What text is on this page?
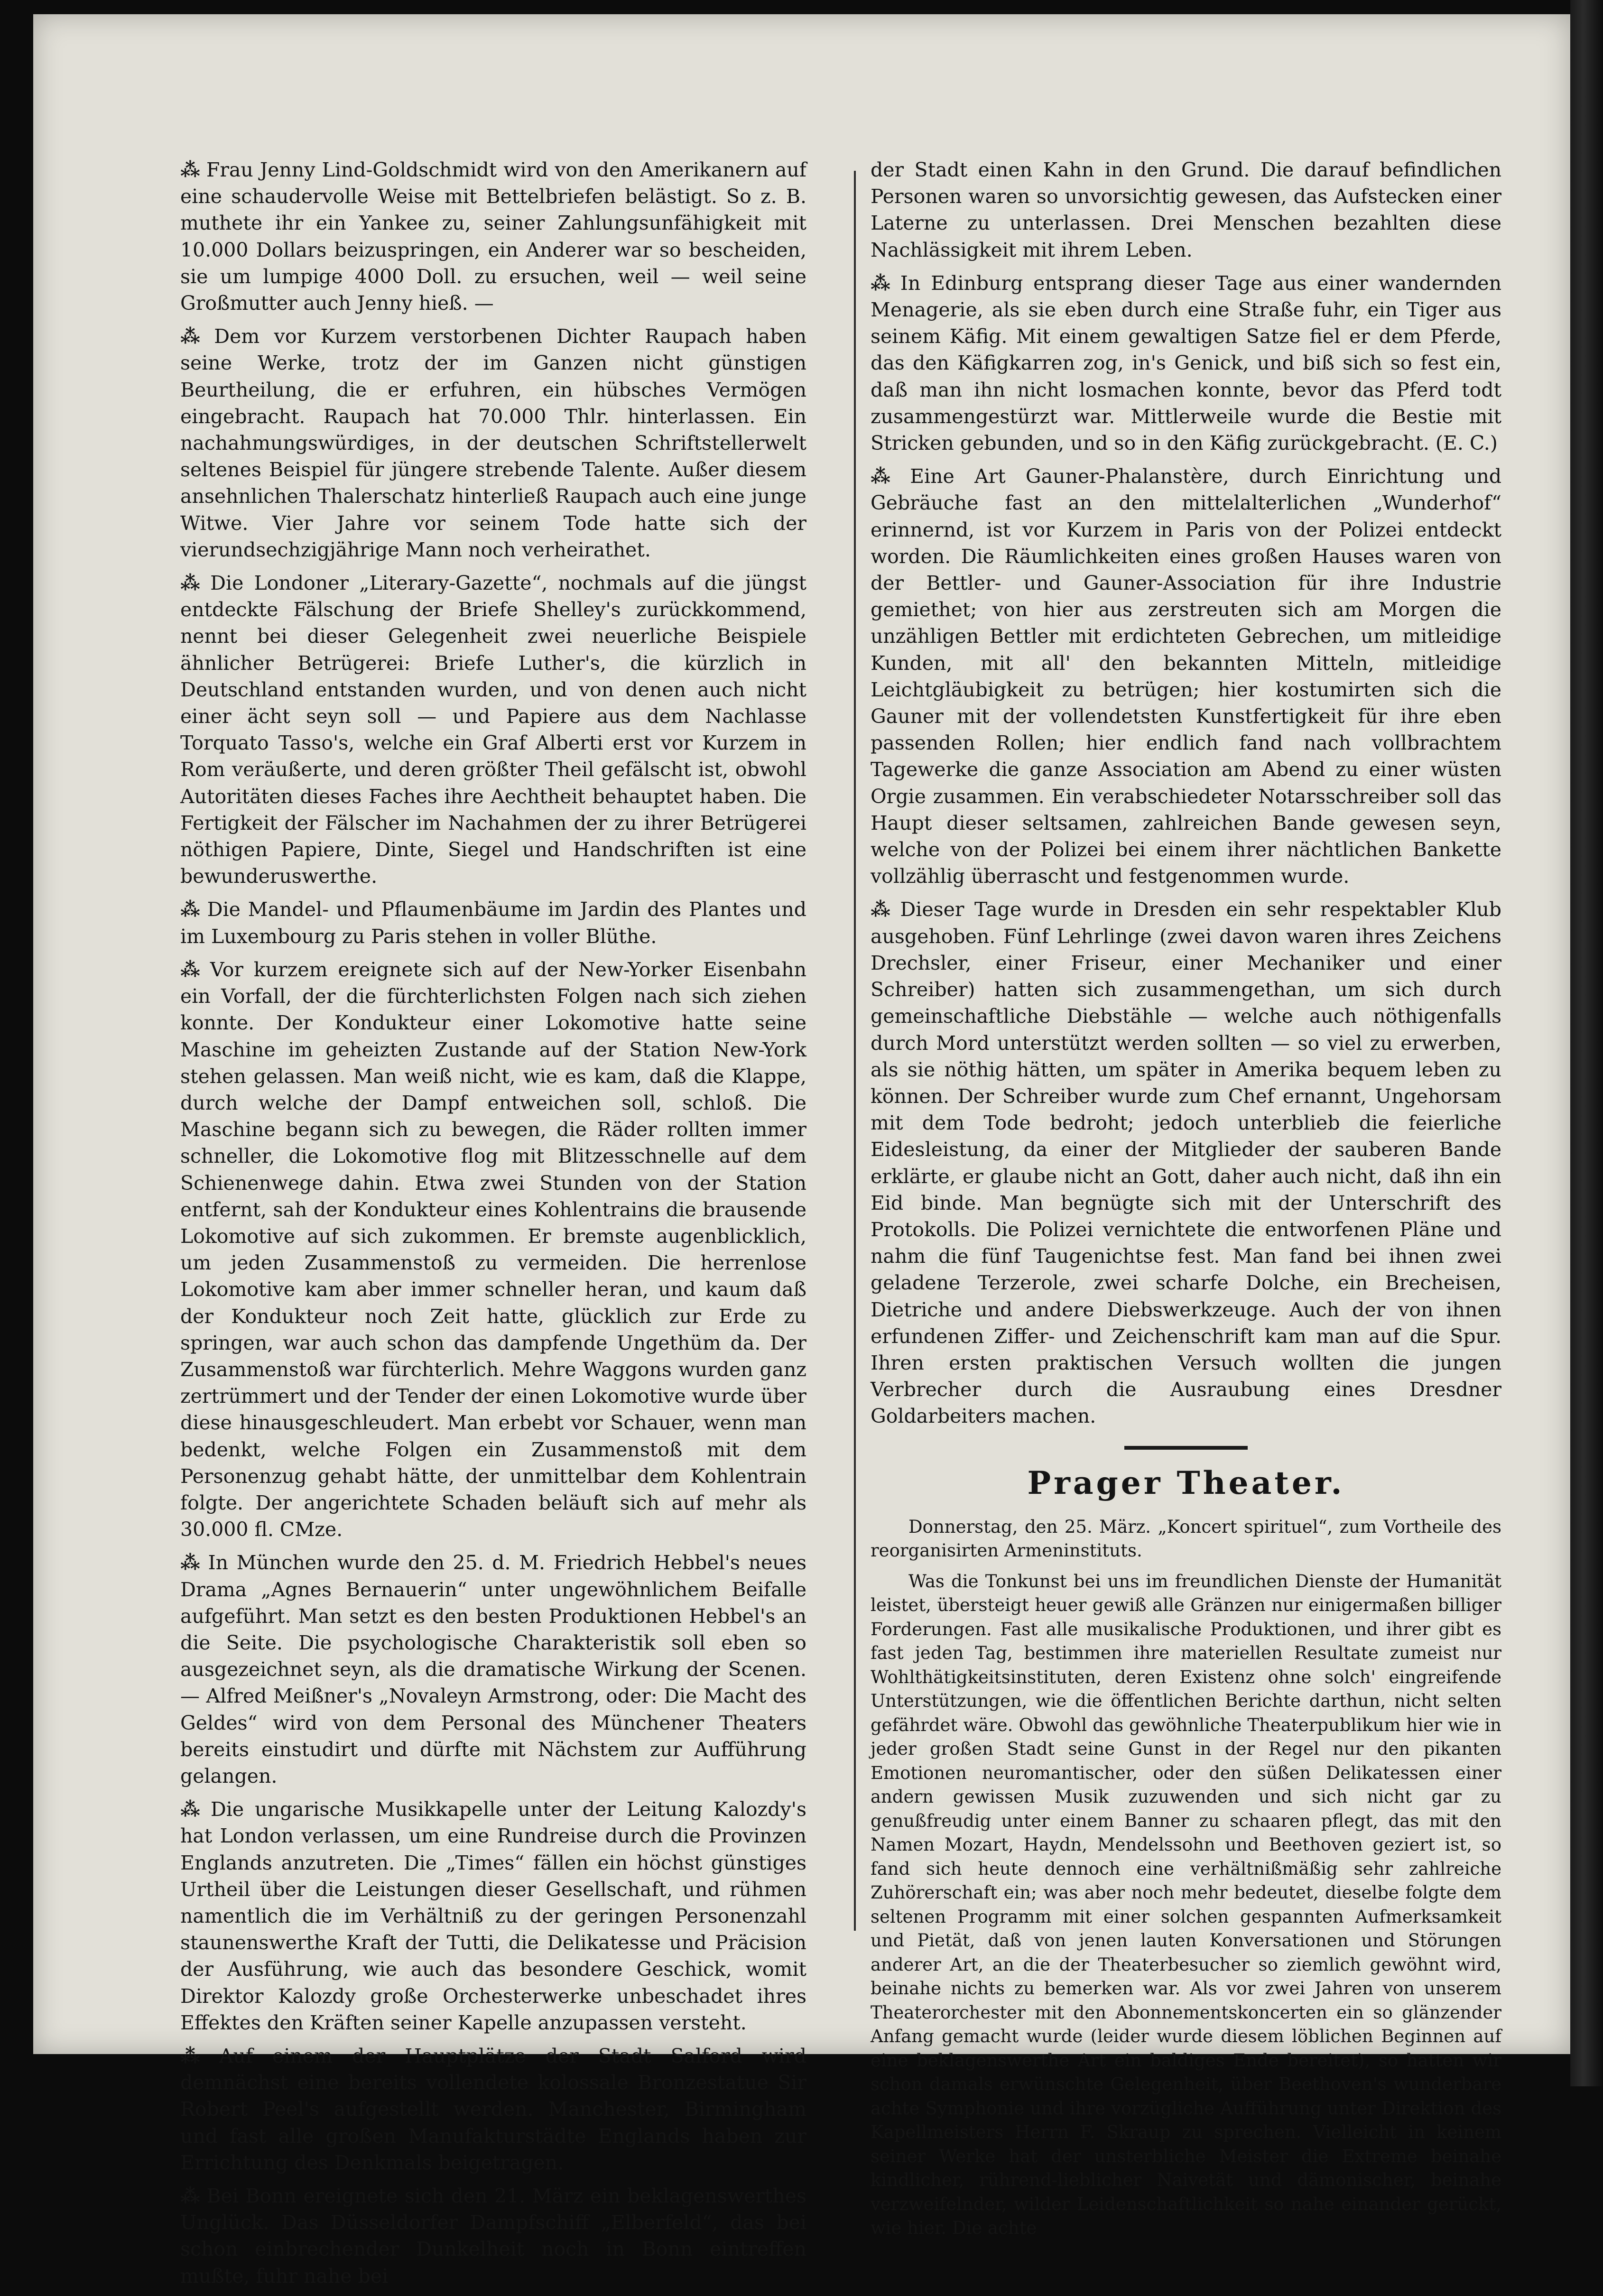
⁂ Frau Jenny Lind-Goldschmidt wird von den Amerikanern auf eine schaudervolle Weise mit Bettelbriefen belästigt. So z. B. muthete ihr ein Yankee zu, seiner Zahlungsunfähigkeit mit 10.000 Dollars beizuspringen, ein Anderer war so bescheiden, sie um lumpige 4000 Doll. zu ersuchen, weil — weil seine Großmutter auch Jenny hieß. —

⁂ Dem vor Kurzem verstorbenen Dichter Raupach haben seine Werke, trotz der im Ganzen nicht günstigen Beurtheilung, die er erfuhren, ein hübsches Vermögen eingebracht. Raupach hat 70.000 Thlr. hinterlassen. Ein nachahmungswürdiges, in der deutschen Schriftstellerwelt seltenes Beispiel für jüngere strebende Talente. Außer diesem ansehnlichen Thalerschatz hinterließ Raupach auch eine junge Witwe. Vier Jahre vor seinem Tode hatte sich der vierundsechzigjährige Mann noch verheirathet.

⁂ Die Londoner „Literary-Gazette“, nochmals auf die jüngst entdeckte Fälschung der Briefe Shelley's zurückkommend, nennt bei dieser Gelegenheit zwei neuerliche Beispiele ähnlicher Betrügerei: Briefe Luther's, die kürzlich in Deutschland entstanden wurden, und von denen auch nicht einer ächt seyn soll — und Papiere aus dem Nachlasse Torquato Tasso's, welche ein Graf Alberti erst vor Kurzem in Rom veräußerte, und deren größter Theil gefälscht ist, obwohl Autoritäten dieses Faches ihre Aechtheit behauptet haben. Die Fertigkeit der Fälscher im Nachahmen der zu ihrer Betrügerei nöthigen Papiere, Dinte, Siegel und Handschriften ist eine bewunderuswerthe.

⁂ Die Mandel- und Pflaumenbäume im Jardin des Plantes und im Luxembourg zu Paris stehen in voller Blüthe.

⁂ Vor kurzem ereignete sich auf der New-Yorker Eisenbahn ein Vorfall, der die fürchterlichsten Folgen nach sich ziehen konnte. Der Kondukteur einer Lokomotive hatte seine Maschine im geheizten Zustande auf der Station New-York stehen gelassen. Man weiß nicht, wie es kam, daß die Klappe, durch welche der Dampf entweichen soll, schloß. Die Maschine begann sich zu bewegen, die Räder rollten immer schneller, die Lokomotive flog mit Blitzesschnelle auf dem Schienenwege dahin. Etwa zwei Stunden von der Station entfernt, sah der Kondukteur eines Kohlentrains die brausende Lokomotive auf sich zukommen. Er bremste augenblicklich, um jeden Zusammenstoß zu vermeiden. Die herrenlose Lokomotive kam aber immer schneller heran, und kaum daß der Kondukteur noch Zeit hatte, glücklich zur Erde zu springen, war auch schon das dampfende Ungethüm da. Der Zusammenstoß war fürchterlich. Mehre Waggons wurden ganz zertrümmert und der Tender der einen Lokomotive wurde über diese hinausgeschleudert. Man erbebt vor Schauer, wenn man bedenkt, welche Folgen ein Zusammenstoß mit dem Personenzug gehabt hätte, der unmittelbar dem Kohlentrain folgte. Der angerichtete Schaden beläuft sich auf mehr als 30.000 fl. CMze.

⁂ In München wurde den 25. d. M. Friedrich Hebbel's neues Drama „Agnes Bernauerin“ unter ungewöhnlichem Beifalle aufgeführt. Man setzt es den besten Produktionen Hebbel's an die Seite. Die psychologische Charakteristik soll eben so ausgezeichnet seyn, als die dramatische Wirkung der Scenen. — Alfred Meißner's „Novaleyn Armstrong, oder: Die Macht des Geldes“ wird von dem Personal des Münchener Theaters bereits einstudirt und dürfte mit Nächstem zur Aufführung gelangen.

⁂ Die ungarische Musikkapelle unter der Leitung Kalozdy's hat London verlassen, um eine Rundreise durch die Provinzen Englands anzutreten. Die „Times“ fällen ein höchst günstiges Urtheil über die Leistungen dieser Gesellschaft, und rühmen namentlich die im Verhältniß zu der geringen Personenzahl staunenswerthe Kraft der Tutti, die Delikatesse und Präcision der Ausführung, wie auch das besondere Geschick, womit Direktor Kalozdy große Orchesterwerke unbeschadet ihres Effektes den Kräften seiner Kapelle anzupassen versteht.

⁂ Auf einem der Hauptplätze der Stadt Salford wird demnächst eine bereits vollendete kolossale Bronzestatue Sir Robert Peel's aufgestellt werden. Manchester, Birmingham und fast alle großen Manufakturstädte Englands haben zur Errichtung des Denkmals beigetragen.

⁂ Bei Bonn ereignete sich den 21. März ein beklagenswerthes Unglück. Das Düsseldorfer Dampfschiff „Elberfeld“, das bei schon einbrechender Dunkelheit noch in Bonn eintreffen mußte, fuhr nahe bei

der Stadt einen Kahn in den Grund. Die darauf befindlichen Personen waren so unvorsichtig gewesen, das Aufstecken einer Laterne zu unterlassen. Drei Menschen bezahlten diese Nachlässigkeit mit ihrem Leben.

⁂ In Edinburg entsprang dieser Tage aus einer wandernden Menagerie, als sie eben durch eine Straße fuhr, ein Tiger aus seinem Käfig. Mit einem gewaltigen Satze fiel er dem Pferde, das den Käfigkarren zog, in's Genick, und biß sich so fest ein, daß man ihn nicht losmachen konnte, bevor das Pferd todt zusammengestürzt war. Mittlerweile wurde die Bestie mit Stricken gebunden, und so in den Käfig zurückgebracht. (E. C.)

⁂ Eine Art Gauner-Phalanstère, durch Einrichtung und Gebräuche fast an den mittelalterlichen „Wunderhof“ erinnernd, ist vor Kurzem in Paris von der Polizei entdeckt worden. Die Räumlichkeiten eines großen Hauses waren von der Bettler- und Gauner-Association für ihre Industrie gemiethet; von hier aus zerstreuten sich am Morgen die unzähligen Bettler mit erdichteten Gebrechen, um mitleidige Kunden, mit all' den bekannten Mitteln, mitleidige Leichtgläubigkeit zu betrügen; hier kostumirten sich die Gauner mit der vollendetsten Kunstfertigkeit für ihre eben passenden Rollen; hier endlich fand nach vollbrachtem Tagewerke die ganze Association am Abend zu einer wüsten Orgie zusammen. Ein verabschiedeter Notarsschreiber soll das Haupt dieser seltsamen, zahlreichen Bande gewesen seyn, welche von der Polizei bei einem ihrer nächtlichen Bankette vollzählig überrascht und festgenommen wurde.

⁂ Dieser Tage wurde in Dresden ein sehr respektabler Klub ausgehoben. Fünf Lehrlinge (zwei davon waren ihres Zeichens Drechsler, einer Friseur, einer Mechaniker und einer Schreiber) hatten sich zusammengethan, um sich durch gemeinschaftliche Diebstähle — welche auch nöthigenfalls durch Mord unterstützt werden sollten — so viel zu erwerben, als sie nöthig hätten, um später in Amerika bequem leben zu können. Der Schreiber wurde zum Chef ernannt, Ungehorsam mit dem Tode bedroht; jedoch unterblieb die feierliche Eidesleistung, da einer der Mitglieder der sauberen Bande erklärte, er glaube nicht an Gott, daher auch nicht, daß ihn ein Eid binde. Man begnügte sich mit der Unterschrift des Protokolls. Die Polizei vernichtete die entworfenen Pläne und nahm die fünf Taugenichtse fest. Man fand bei ihnen zwei geladene Terzerole, zwei scharfe Dolche, ein Brecheisen, Dietriche und andere Diebswerkzeuge. Auch der von ihnen erfundenen Ziffer- und Zeichenschrift kam man auf die Spur. Ihren ersten praktischen Versuch wollten die jungen Verbrecher durch die Ausraubung eines Dresdner Goldarbeiters machen.

Prager Theater.

Donnerstag, den 25. März. „Koncert spirituel“, zum Vortheile des reorganisirten Armeninstituts.

Was die Tonkunst bei uns im freundlichen Dienste der Humanität leistet, übersteigt heuer gewiß alle Gränzen nur einigermaßen billiger Forderungen. Fast alle musikalische Produktionen, und ihrer gibt es fast jeden Tag, bestimmen ihre materiellen Resultate zumeist nur Wohlthätigkeitsinstituten, deren Existenz ohne solch' eingreifende Unterstützungen, wie die öffentlichen Berichte darthun, nicht selten gefährdet wäre. Obwohl das gewöhnliche Theaterpublikum hier wie in jeder großen Stadt seine Gunst in der Regel nur den pikanten Emotionen neuromantischer, oder den süßen Delikatessen einer andern gewissen Musik zuzuwenden und sich nicht gar zu genußfreudig unter einem Banner zu schaaren pflegt, das mit den Namen Mozart, Haydn, Mendelssohn und Beethoven geziert ist, so fand sich heute dennoch eine verhältnißmäßig sehr zahlreiche Zuhörerschaft ein; was aber noch mehr bedeutet, dieselbe folgte dem seltenen Programm mit einer solchen gespannten Aufmerksamkeit und Pietät, daß von jenen lauten Konversationen und Störungen anderer Art, an die der Theaterbesucher so ziemlich gewöhnt wird, beinahe nichts zu bemerken war. Als vor zwei Jahren von unserem Theaterorchester mit den Abonnementskoncerten ein so glänzender Anfang gemacht wurde (leider wurde diesem löblichen Beginnen auf eine beklagenswerthe Art ein baldiges Ende bereitet), so hatten wir schon damals erwünschte Gelegenheit, über Beethoven's wunderbare achte Symphonie und ihre vorzügliche Aufführung unter Direktion des Kapellmeisters Herrn F. Skraup zu sprechen. Vielleicht in keinem seiner Werke hat der unsterbliche Meister die Extreme beinahe kindlicher, rührend-lieblicher Naivetät und dämonischer, beinahe verzweifelnder, wilder Leidenschaftlichkeit so nahe einander gerückt, wie hier. Die achte
